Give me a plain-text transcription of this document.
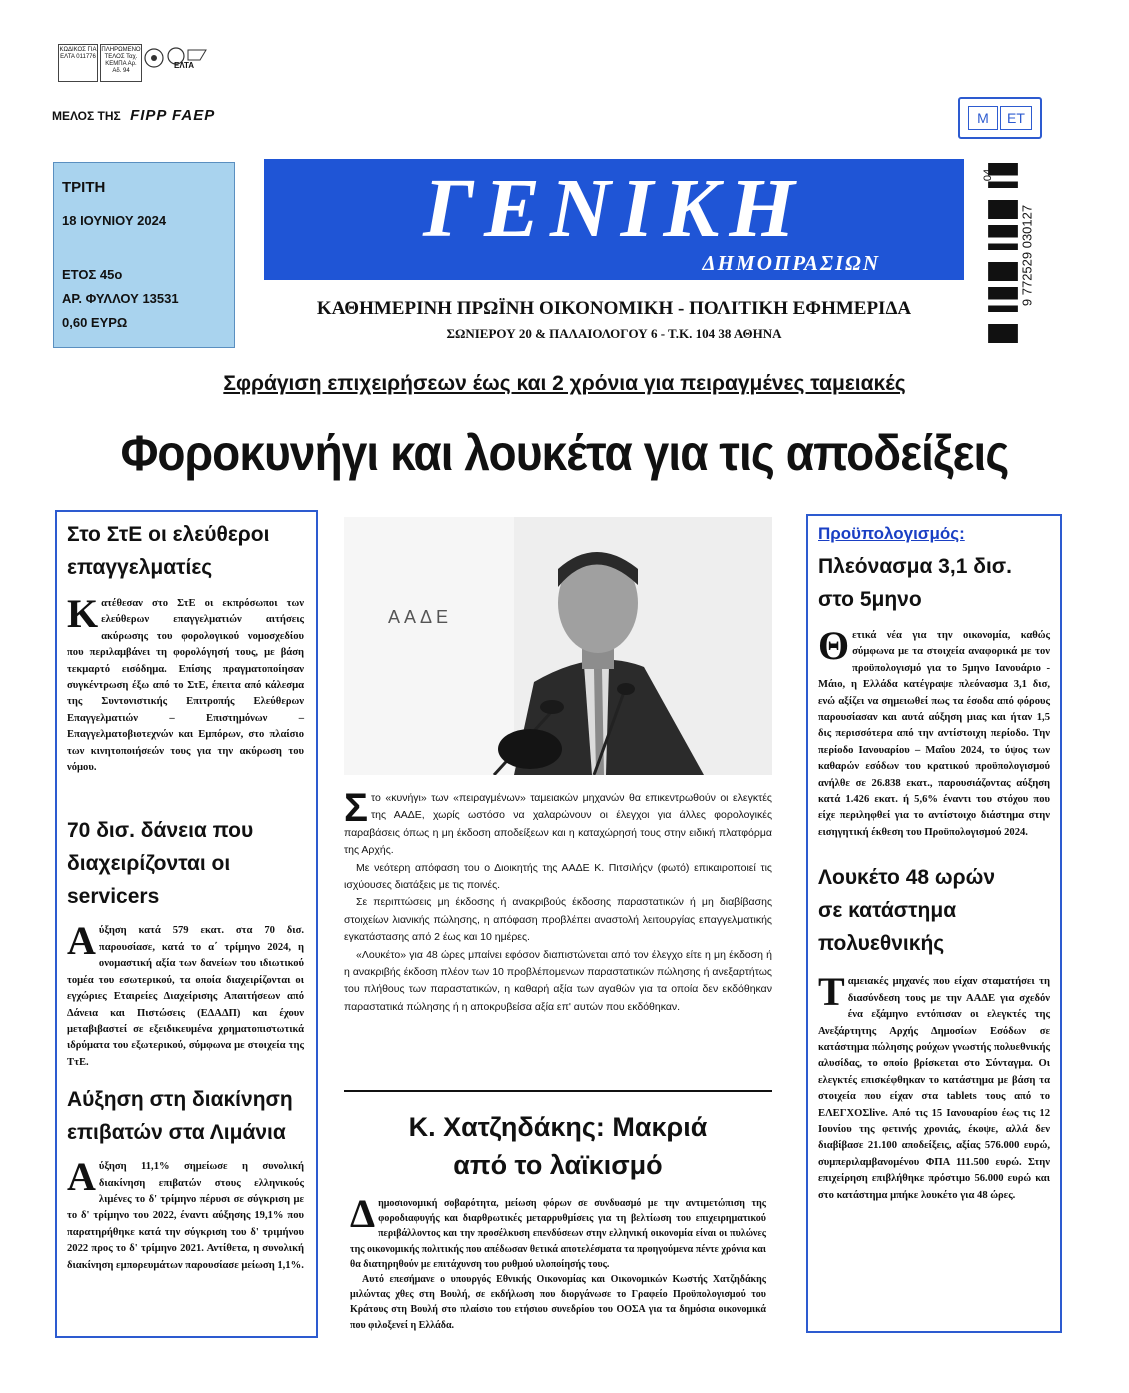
ΚΩΔΙΚΟΣ ΓΙΑ ΕΛΤΑ 011776
ΠΛΗΡΩΜΕΝΟ ΤΕΛΟΣ Ταχ. ΚΕΜΠΑ Αρ. Αδ. 94
ΕΛΤΑ
ΜΕΛΟΣ ΤΗΣ FIPP FAEP	Μ	ΕΤ
ΤΡΙΤΗ
18 ΙΟΥΝΙΟΥ 2024
ΕΤΟΣ 45ο
ΑΡ. ΦΥΛΛΟΥ 13531
0,60 ΕΥΡΩ
ΓΕΝΙΚΗ
ΔΗΜΟΠΡΑΣΙΩΝ
ΚΑΘΗΜΕΡΙΝΗ ΠΡΩΪΝΗ ΟΙΚΟΝΟΜΙΚΗ - ΠΟΛΙΤΙΚΗ ΕΦΗΜΕΡΙΔΑ
ΣΩΝΙΕΡΟΥ 20 & ΠΑΛΑΙΟΛΟΓΟΥ 6 - Τ.Κ. 104 38 ΑΘΗΝΑ
9 772529 030127
04
Σφράγιση επιχειρήσεων έως και 2 χρόνια για πειραγμένες ταμειακές
Φοροκυνήγι και λουκέτα για τις αποδείξεις
Στο ΣτΕ οι ελεύθεροι επαγγελματίες
Κατέθεσαν στο ΣτΕ οι εκπρόσωποι των ελεύθερων επαγγελματιών αιτήσεις ακύρωσης του φορολογικού νομοσχεδίου που περιλαμβάνει τη φορολόγησή τους, με βάση τεκμαρτό εισόδημα. Επίσης πραγματοποίησαν συγκέντρωση έξω από το ΣτΕ, έπειτα από κάλεσμα της Συντονιστικής Επιτροπής Ελεύθερων Επαγγελματιών – Επιστημόνων – Επαγγελματοβιοτεχνών και Εμπόρων, στο πλαίσιο των κινητοποιήσεών τους για την ακύρωση του νόμου.
70 δισ. δάνεια που διαχειρίζονται οι servicers
Αύξηση κατά 579 εκατ. στα 70 δισ. παρουσίασε, κατά το α΄ τρίμηνο 2024, η ονομαστική αξία των δανείων του ιδιωτικού τομέα του εσωτερικού, τα οποία διαχειρίζονται οι εγχώριες Εταιρείες Διαχείρισης Απαιτήσεων από Δάνεια και Πιστώσεις (ΕΔΑΔΠ) και έχουν μεταβιβαστεί σε εξειδικευμένα χρηματοπιστωτικά ιδρύματα του εξωτερικού, σύμφωνα με στοιχεία της ΤτΕ.
Αύξηση στη διακίνηση επιβατών στα Λιμάνια
Αύξηση 11,1% σημείωσε η συνολική διακίνηση επιβατών στους ελληνικούς λιμένες το δ' τρίμηνο πέρυσι σε σύγκριση με το δ' τρίμηνο του 2022, έναντι αύξησης 19,1% που παρατηρήθηκε κατά την σύγκριση του δ' τριμήνου 2022 προς το δ' τρίμηνο 2021. Αντίθετα, η συνολική διακίνηση εμπορευμάτων παρουσίασε μείωση 1,1%.
ΑΑΔΕ

Στο «κυνήγι» των «πειραγμένων» ταμειακών μηχανών θα επικεντρωθούν οι ελεγκτές της ΑΑΔΕ, χωρίς ωστόσο να χαλαρώνουν οι έλεγχοι για άλλες φορολογικές παραβάσεις όπως η μη έκδοση αποδείξεων και η καταχώρησή τους στην ειδική πλατφόρμα της Αρχής.

Με νεότερη απόφαση του ο Διοικητής της ΑΑΔΕ Κ. Πιτσιλήςν (φωτό) επικαιροποιεί τις ισχύουσες διατάξεις με τις ποινές.

Σε περιπτώσεις μη έκδοσης ή ανακριβούς έκδοσης παραστατικών ή μη διαβίβασης στοιχείων λιανικής πώλησης, η απόφαση προβλέπει αναστολή λειτουργίας επαγγελματικής εγκατάστασης από 2 έως και 10 ημέρες.

«Λουκέτο» για 48 ώρες μπαίνει εφόσον διαπιστώνεται από τον έλεγχο είτε η μη έκδοση ή η ανακριβής έκδοση πλέον των 10 προβλέπομενων παραστατικών πώλησης ή ανεξαρτήτως του πλήθους των παραστατικών, η καθαρή αξία των αγαθών για τα οποία δεν εκδόθηκαν παραστατικά πώλησης ή η αποκρυβείσα αξία επ' αυτών που εκδόθηκαν.

Κ. Χατζηδάκης: Μακριά
από το λαϊκισμό
Δημοσιονομική σοβαρότητα, μείωση φόρων σε συνδυασμό με την αντιμετώπιση της φοροδιαφυγής και διαρθρωτικές μεταρρυθμίσεις για τη βελτίωση του επιχειρηματικού περιβάλλοντος και την προσέλκυση επενδύσεων στην ελληνική οικονομία είναι οι πυλώνες της οικονομικής πολιτικής που απέδωσαν θετικά αποτελέσματα τα προηγούμενα πέντε χρόνια και θα διατηρηθούν με επιτάχυνση του ρυθμού υλοποίησής τους.
Αυτό επεσήμανε ο υπουργός Εθνικής Οικονομίας και Οικονομικών Κωστής Χατζηδάκης μιλώντας χθες στη Βουλή, σε εκδήλωση που διοργάνωσε το Γραφείο Προϋπολογισμού του Κράτους στη Βουλή στο πλαίσιο του ετήσιου συνεδρίου του ΟΟΣΑ για τα δημόσια οικονομικά που φιλοξενεί η Ελλάδα.
Προϋπολογισμός:
Πλεόνασμα 3,1 δισ. στο 5μηνο
Θετικά νέα για την οικονομία, καθώς σύμφωνα με τα στοιχεία αναφορικά με τον προϋπολογισμό για το 5μηνο Ιανουάριο - Μάιο, η Ελλάδα κατέγραψε πλεόνασμα 3,1 δισ, ενώ αξίζει να σημειωθεί πως τα έσοδα από φόρους παρουσίασαν και αυτά αύξηση μιας και ήταν 1,5 δις περισσότερα από την αντίστοιχη περίοδο. Την περίοδο Ιανουαρίου – Μαΐου 2024, το ύψος των καθαρών εσόδων του κρατικού προϋπολογισμού ανήλθε σε 26.838 εκατ., παρουσιάζοντας αύξηση κατά 1.426 εκατ. ή 5,6% έναντι του στόχου που είχε περιληφθεί για το αντίστοιχο διάστημα στην εισηγητική έκθεση του Προϋπολογισμού 2024.
Λουκέτο 48 ωρών σε κατάστημα πολυεθνικής
Ταμειακές μηχανές που είχαν σταματήσει τη διασύνδεση τους με την ΑΑΔΕ για σχεδόν ένα εξάμηνο εντόπισαν οι ελεγκτές της Ανεξάρτητης Αρχής Δημοσίων Εσόδων σε κατάστημα πώλησης ρούχων γνωστής πολυεθνικής αλυσίδας, το οποίο βρίσκεται στο Σύνταγμα. Οι ελεγκτές επισκέφθηκαν το κατάστημα με βάση τα στοιχεία που είχαν στα tablets τους από το ΕΛΕΓΧΟΣlive. Από τις 15 Ιανουαρίου έως τις 12 Ιουνίου της φετινής χρονιάς, έκοψε, αλλά δεν διαβίβασε 21.100 αποδείξεις, αξίας 576.000 ευρώ, συμπεριλαμβανομένου ΦΠΑ 111.500 ευρώ. Στην επιχείρηση επιβλήθηκε πρόστιμο 56.000 ευρώ και στο κατάστημα μπήκε λουκέτο για 48 ώρες.
